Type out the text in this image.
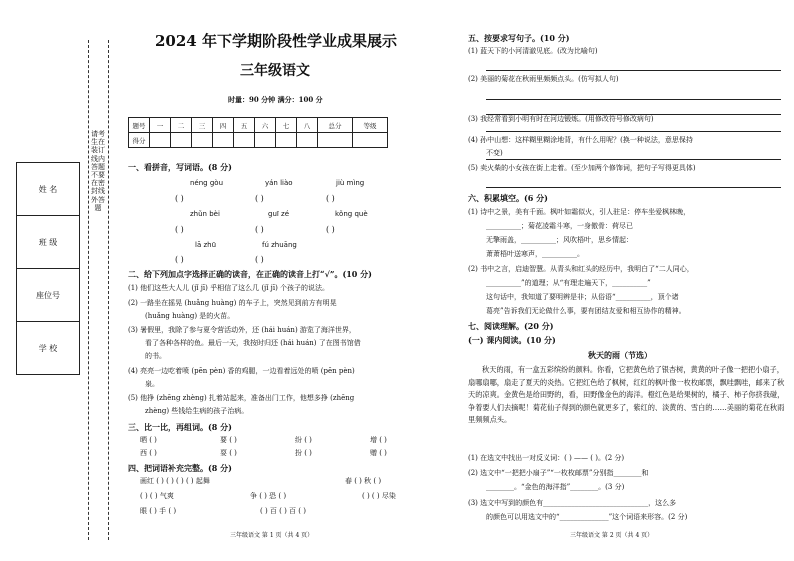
请考生在装订线内答题 不要在密封线外答题
姓 名
班 级
座位号
学 校
2024 年下学期阶段性学业成果展示
三年级语文
时量：90 分钟 满分：100 分
题号	一	二	三	四	五	六	七	八	总分	等级
得分										
一、看拼音，写词语。(8 分)
néng gòu	yán liào	jiù mìng
( )	( )	( )
zhǔn bèi	guī zé	kǒng què
( )	( )	( )
lā zhū	fú zhuāng
( )	( )
二、给下列加点字选择正确的读音，在正确的读音上打“√”。(10 分)
(1) 他们这些大人儿 (jǐ jī) 乎相信了这么几 (jǐ jī) 个孩子的说法。
(2) 一路坐在摇晃 (huǎng huàng) 的车子上，突然见到前方有明晃
(huǎng huàng) 是的火苗。
(3) 暑假里，我除了参与夏令营活动外，还 (hái huán) 游览了海洋世界，
看了各种各样的鱼。最后一天，我按时归还 (hái huán) 了在图书馆借
的书。
(4) 亮亮一边吃着喷 (pēn pèn) 香的鸡腿，一边看着远处的喷 (pēn pèn)
泉。
(5) 他挣 (zhēng zhèng) 扎着站起来，准备出门工作，他想多挣 (zhēng
zhèng) 些钱给生病的孩子治病。
三、比一比，再组词。(8 分)
晒 ( )	要 ( )	纷 ( )	增 ( )
西 ( )	耍 ( )	扮 ( )	赠 ( )
四、把词语补充完整。(8 分)
画红 ( ) ( ) ( ) ( ) 起舞	春 ( ) 秋 ( )
( ) ( ) 气爽	争 ( ) 恐 ( )	( ) ( ) 尽染
眼 ( ) 手 ( )	( ) 百 ( ) 百 ( )
三年级语文 第 1 页（共 4 页）
五、按要求写句子。(10 分)
(1) 蓝天下的小河清澈见底。(改为比喻句)
(2) 美丽的菊花在秋雨里频频点头。(仿写拟人句)
(3) 我经常看到小明有时在河边锻炼。(用修改符号修改病句)
(4) 孙中山想：这样糊里糊涂地背，有什么用呢？(换一种说法，意思保持
不变)
(5) 卖火柴的小女孩在街上走着。(至少加两个修饰词，把句子写得更具体)
六、积累填空。(6 分)
(1) 诗中之景，美有千面。枫叶如霜似火，引人驻足：停车坐爱枫林晚，
__________；菊花凌霜斗寒，一身傲骨：荷尽已
无擎雨盖，__________；风吹梧叶，思乡情起：
萧萧梧叶送寒声，__________。
(2) 书中之言，启迪智慧。从青头和红头的经历中，我明白了“二人同心，
__________”的道理；从“有理走遍天下，__________”
这句话中，我知道了要明辨是非；从俗语“__________，顶个诸
葛亮”告诉我们无论做什么事，要有团结友爱和相互协作的精神。
七、阅读理解。(20 分)
(一) 课内阅读。(10 分)
秋天的雨（节选）

秋天的雨，有一盒五彩缤纷的颜料。你看，它把黄色给了银杏树，黄黄的叶子像一把把小扇子，扇哪扇哪，扇走了夏天的炎热。它把红色给了枫树，红红的枫叶像一枚枚邮票，飘哇飘哇，邮来了秋天的凉爽。金黄色是给田野的，看，田野像金色的海洋。橙红色是给果树的，橘子、柿子你挤我碰，争着要人们去摘呢！菊花仙子得到的颜色就更多了，紫红的、淡黄的、雪白的……美丽的菊花在秋雨里频频点头。

(1) 在选文中找出一对反义词：( ) —— ( )。(2 分)
(2) 选文中“一把把小扇子”“一枚枚邮票”分别指________和
________。“金色的海洋指”________。(3 分)
(3) 选文中写到的颜色有______________________________，这么多
的颜色可以用选文中的“______________”这个词语来形容。(2 分)
三年级语文 第 2 页（共 4 页）
